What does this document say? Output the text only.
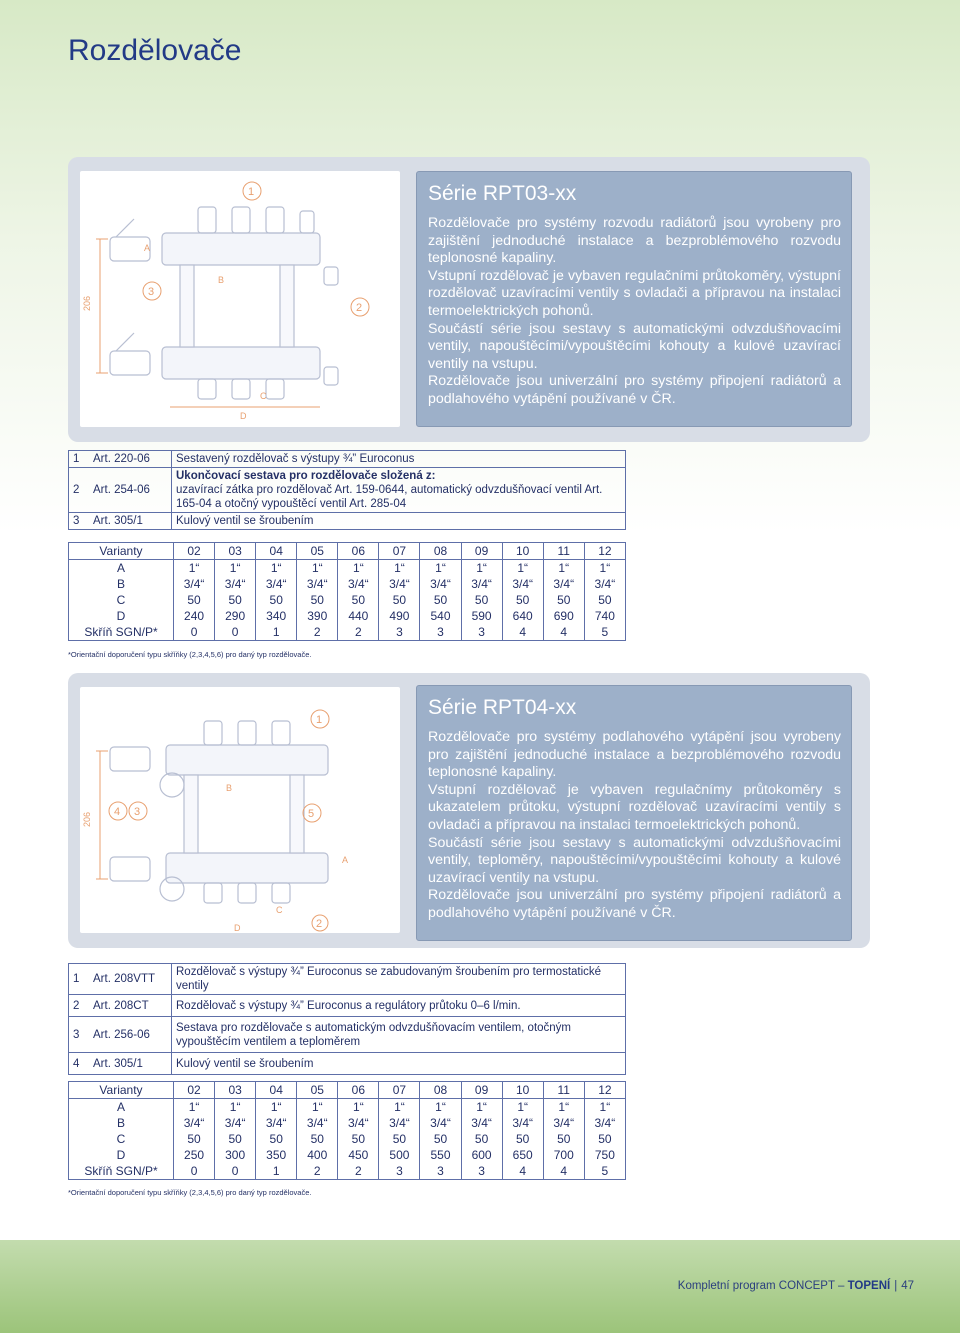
Rozdělovače
1
2
3
206
A
B
C
D
Série RPT03-xx

Rozdělovače pro systémy rozvodu radiátorů jsou vyrobeny pro zajištění jednoduché instalace a bezproblémového rozvodu teplonosné kapaliny.

Vstupní rozdělovač je vybaven regulačními průtokoměry, výstupní rozdělovač uzavíracími ventily s ovladači a přípravou na instalaci termoelektrických pohonů.

Součástí série jsou sestavy s automatickými odvzdušňovacími ventily, napouštěcími/vypouštěcími kohouty a kulové uzavírací ventily na vstupu.

Rozdělovače jsou univerzální pro systémy připojení radiátorů a podlahového vytápění používané v ČR.

1	Art. 220-06	Sestavený rozdělovač s výstupy ¾” Euroconus
2	Art. 254-06	Ukončovací sestava pro rozdělovače složená z:
uzavírací zátka pro rozdělovač Art. 159-0644, automatický odvzdušňovací ventil Art. 165-04 a otočný vypouštěcí ventil Art. 285-04
3	Art. 305/1	Kulový ventil se šroubením
Varianty	02	03	04	05	06	07	08	09	10	11	12
A	1“	1“	1“	1“	1“	1“	1“	1“	1“	1“	1“
B	3/4“	3/4“	3/4“	3/4“	3/4“	3/4“	3/4“	3/4“	3/4“	3/4“	3/4“
C	50	50	50	50	50	50	50	50	50	50	50
D	240	290	340	390	440	490	540	590	640	690	740
Skříň SGN/P*	0	0	1	2	2	3	3	3	4	4	5

*Orientační doporučení typu skříňky (2,3,4,5,6) pro daný typ rozdělovače.

1
2
3
4	5
206
A
B
C
D
Série RPT04-xx

Rozdělovače pro systémy podlahového vytápění jsou vyrobeny pro zajištění jednoduché instalace a bezproblémového rozvodu teplonosné kapaliny.

Vstupní rozdělovač je vybaven regulačnímy průtokoměry s ukazatelem průtoku, výstupní rozdělovač uzavíracími ventily s ovladači a přípravou na instalaci termoelektrických pohonů.

Součástí série jsou sestavy s automatickými odvzdušňovacími ventily, teploměry, napouštěcími/vypouštěcími kohouty a kulové uzavírací ventily na vstupu.

Rozdělovače jsou univerzální pro systémy připojení radiátorů a podlahového vytápění používané v ČR.

1	Art. 208VTT	Rozdělovač s výstupy ¾” Euroconus se zabudovaným šroubením pro termostatické ventily
2	Art. 208CT	Rozdělovač s výstupy ¾” Euroconus a regulátory průtoku 0–6 l/min.
3	Art. 256-06	Sestava pro rozdělovače s automatickým odvzdušňovacím ventilem, otočným vypouštěcím ventilem a teploměrem
4	Art. 305/1	Kulový ventil se šroubením
Varianty	02	03	04	05	06	07	08	09	10	11	12
A	1“	1“	1“	1“	1“	1“	1“	1“	1“	1“	1“
B	3/4“	3/4“	3/4“	3/4“	3/4“	3/4“	3/4“	3/4“	3/4“	3/4“	3/4“
C	50	50	50	50	50	50	50	50	50	50	50
D	250	300	350	400	450	500	550	600	650	700	750
Skříň SGN/P*	0	0	1	2	2	3	3	3	4	4	5

*Orientační doporučení typu skříňky (2,3,4,5,6) pro daný typ rozdělovače.

Kompletní program CONCEPT – TOPENÍ | 47
